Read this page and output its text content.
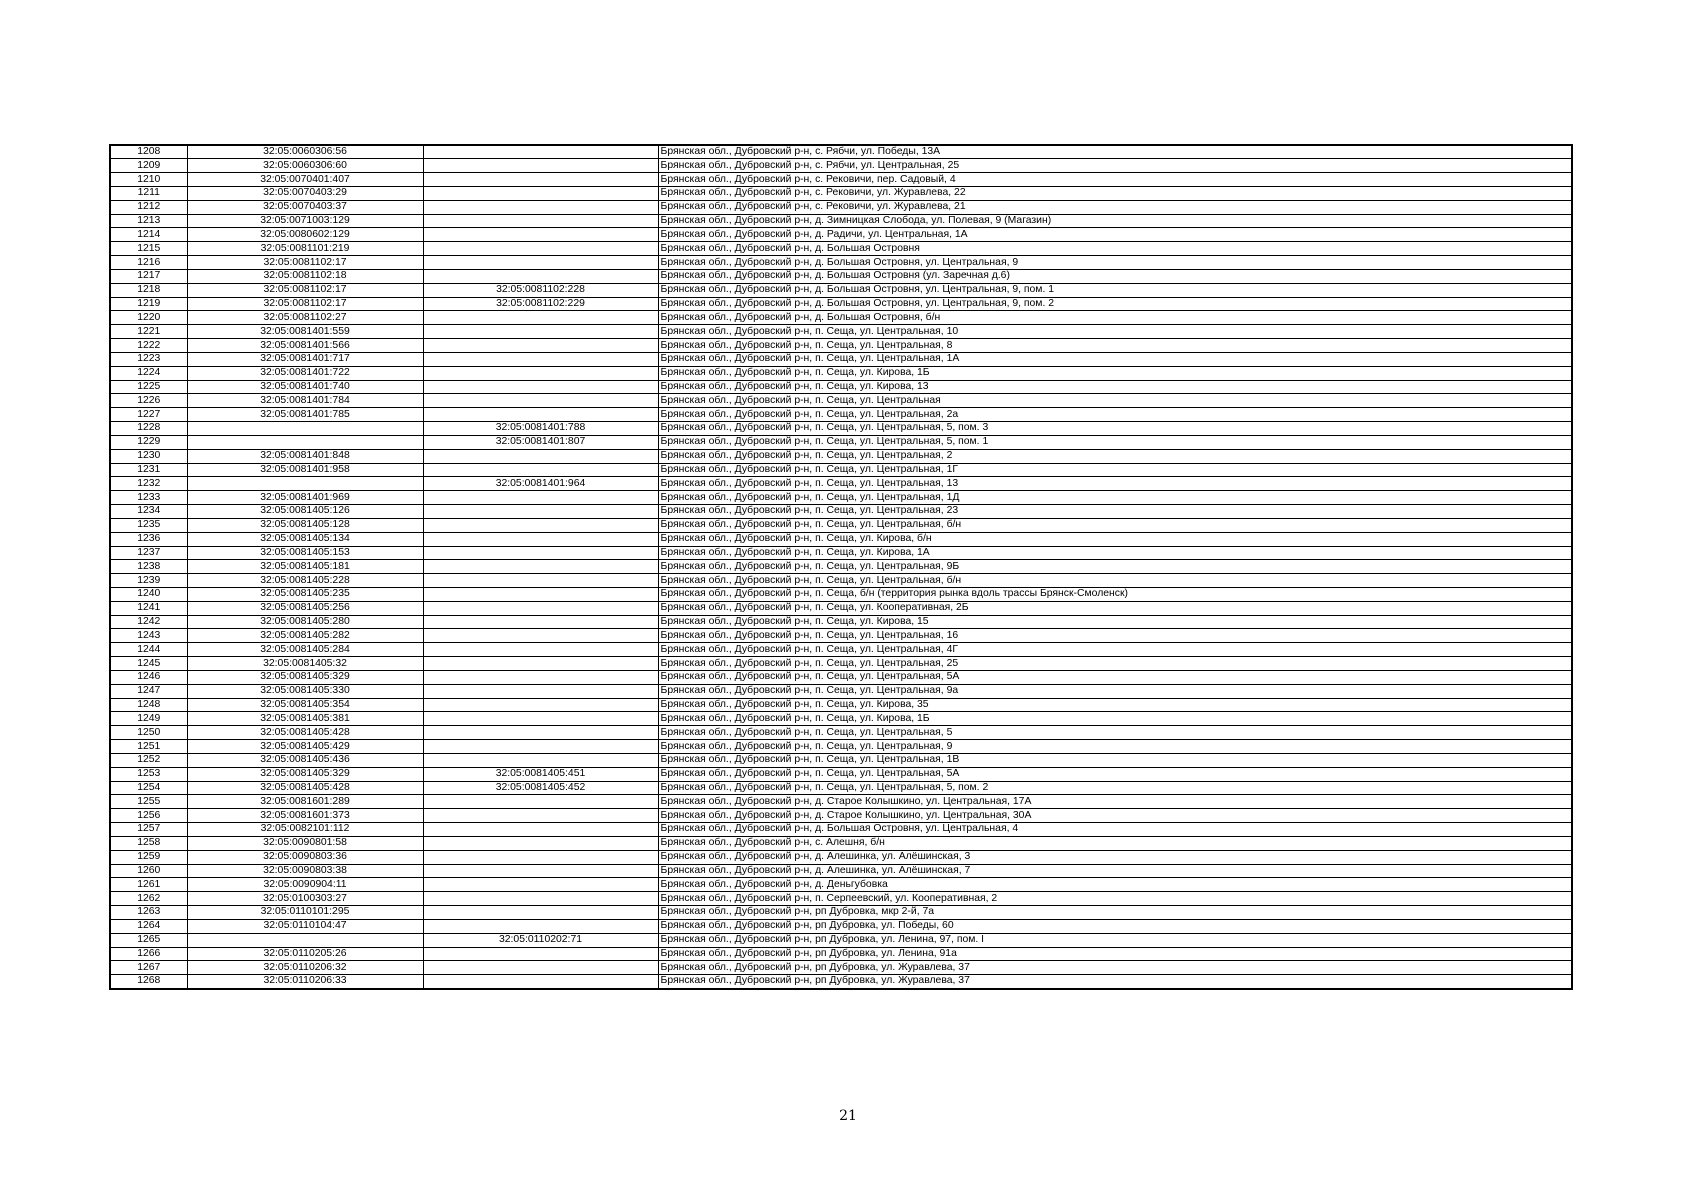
1208	32:05:0060306:56		Брянская обл., Дубровский р-н, с. Рябчи, ул. Победы, 13А
1209	32:05:0060306:60		Брянская обл., Дубровский р-н, с. Рябчи, ул. Центральная, 25
1210	32:05:0070401:407		Брянская обл., Дубровский р-н, с. Рековичи, пер. Садовый, 4
1211	32:05:0070403:29		Брянская обл., Дубровский р-н, с. Рековичи, ул. Журавлева, 22
1212	32:05:0070403:37		Брянская обл., Дубровский р-н, с. Рековичи, ул. Журавлева, 21
1213	32:05:0071003:129		Брянская обл., Дубровский р-н, д. Зимницкая Слобода, ул. Полевая, 9 (Магазин)
1214	32:05:0080602:129		Брянская обл., Дубровский р-н, д. Радичи, ул. Центральная, 1А
1215	32:05:0081101:219		Брянская обл., Дубровский р-н, д. Большая Островня
1216	32:05:0081102:17		Брянская обл., Дубровский р-н, д. Большая Островня, ул. Центральная, 9
1217	32:05:0081102:18		Брянская обл., Дубровский р-н, д. Большая Островня (ул. Заречная д.6)
1218	32:05:0081102:17	32:05:0081102:228	Брянская обл., Дубровский р-н, д. Большая Островня, ул. Центральная, 9, пом. 1
1219	32:05:0081102:17	32:05:0081102:229	Брянская обл., Дубровский р-н, д. Большая Островня, ул. Центральная, 9, пом. 2
1220	32:05:0081102:27		Брянская обл., Дубровский р-н, д. Большая Островня, б/н
1221	32:05:0081401:559		Брянская обл., Дубровский р-н, п. Сеща, ул. Центральная, 10
1222	32:05:0081401:566		Брянская обл., Дубровский р-н, п. Сеща, ул. Центральная, 8
1223	32:05:0081401:717		Брянская обл., Дубровский р-н, п. Сеща, ул. Центральная, 1А
1224	32:05:0081401:722		Брянская обл., Дубровский р-н, п. Сеща, ул. Кирова, 1Б
1225	32:05:0081401:740		Брянская обл., Дубровский р-н, п. Сеща, ул. Кирова, 13
1226	32:05:0081401:784		Брянская обл., Дубровский р-н, п. Сеща, ул. Центральная
1227	32:05:0081401:785		Брянская обл., Дубровский р-н, п. Сеща, ул. Центральная, 2а
1228		32:05:0081401:788	Брянская обл., Дубровский р-н, п. Сеща, ул. Центральная, 5, пом. 3
1229		32:05:0081401:807	Брянская обл., Дубровский р-н, п. Сеща, ул. Центральная, 5, пом. 1
1230	32:05:0081401:848		Брянская обл., Дубровский р-н, п. Сеща, ул. Центральная, 2
1231	32:05:0081401:958		Брянская обл., Дубровский р-н, п. Сеща, ул. Центральная, 1Г
1232		32:05:0081401:964	Брянская обл., Дубровский р-н, п. Сеща, ул. Центральная, 13
1233	32:05:0081401:969		Брянская обл., Дубровский р-н, п. Сеща, ул. Центральная, 1Д
1234	32:05:0081405:126		Брянская обл., Дубровский р-н, п. Сеща, ул. Центральная, 23
1235	32:05:0081405:128		Брянская обл., Дубровский р-н, п. Сеща, ул. Центральная, б/н
1236	32:05:0081405:134		Брянская обл., Дубровский р-н, п. Сеща, ул. Кирова, б/н
1237	32:05:0081405:153		Брянская обл., Дубровский р-н, п. Сеща, ул. Кирова, 1А
1238	32:05:0081405:181		Брянская обл., Дубровский р-н, п. Сеща, ул. Центральная, 9Б
1239	32:05:0081405:228		Брянская обл., Дубровский р-н, п. Сеща, ул. Центральная, б/н
1240	32:05:0081405:235		Брянская обл., Дубровский р-н, п. Сеща, б/н (территория рынка вдоль трассы Брянск-Смоленск)
1241	32:05:0081405:256		Брянская обл., Дубровский р-н, п. Сеща, ул. Кооперативная, 2Б
1242	32:05:0081405:280		Брянская обл., Дубровский р-н, п. Сеща, ул. Кирова, 15
1243	32:05:0081405:282		Брянская обл., Дубровский р-н, п. Сеща, ул. Центральная, 16
1244	32:05:0081405:284		Брянская обл., Дубровский р-н, п. Сеща, ул. Центральная, 4Г
1245	32:05:0081405:32		Брянская обл., Дубровский р-н, п. Сеща, ул. Центральная, 25
1246	32:05:0081405:329		Брянская обл., Дубровский р-н, п. Сеща, ул. Центральная, 5А
1247	32:05:0081405:330		Брянская обл., Дубровский р-н, п. Сеща, ул. Центральная, 9а
1248	32:05:0081405:354		Брянская обл., Дубровский р-н, п. Сеща, ул. Кирова, 35
1249	32:05:0081405:381		Брянская обл., Дубровский р-н, п. Сеща, ул. Кирова, 1Б
1250	32:05:0081405:428		Брянская обл., Дубровский р-н, п. Сеща, ул. Центральная, 5
1251	32:05:0081405:429		Брянская обл., Дубровский р-н, п. Сеща, ул. Центральная, 9
1252	32:05:0081405:436		Брянская обл., Дубровский р-н, п. Сеща, ул. Центральная, 1В
1253	32:05:0081405:329	32:05:0081405:451	Брянская обл., Дубровский р-н, п. Сеща, ул. Центральная, 5А
1254	32:05:0081405:428	32:05:0081405:452	Брянская обл., Дубровский р-н, п. Сеща, ул. Центральная, 5, пом. 2
1255	32:05:0081601:289		Брянская обл., Дубровский р-н, д. Старое Колышкино, ул. Центральная, 17А
1256	32:05:0081601:373		Брянская обл., Дубровский р-н, д. Старое Колышкино, ул. Центральная, 30А
1257	32:05:0082101:112		Брянская обл., Дубровский р-н, д. Большая Островня, ул. Центральная, 4
1258	32:05:0090801:58		Брянская обл., Дубровский р-н, с. Алешня, б/н
1259	32:05:0090803:36		Брянская обл., Дубровский р-н, д. Алешинка, ул. Алёшинская, 3
1260	32:05:0090803:38		Брянская обл., Дубровский р-н, д. Алешинка, ул. Алёшинская, 7
1261	32:05:0090904:11		Брянская обл., Дубровский р-н, д. Деньгубовка
1262	32:05:0100303:27		Брянская обл., Дубровский р-н, п. Серпеевский, ул. Кооперативная, 2
1263	32:05:0110101:295		Брянская обл., Дубровский р-н, рп Дубровка, мкр 2-й, 7а
1264	32:05:0110104:47		Брянская обл., Дубровский р-н, рп Дубровка, ул. Победы, 60
1265		32:05:0110202:71	Брянская обл., Дубровский р-н, рп Дубровка, ул. Ленина, 97, пом. I
1266	32:05:0110205:26		Брянская обл., Дубровский р-н, рп Дубровка, ул. Ленина, 91а
1267	32:05:0110206:32		Брянская обл., Дубровский р-н, рп Дубровка, ул. Журавлева, 37
1268	32:05:0110206:33		Брянская обл., Дубровский р-н, рп Дубровка, ул. Журавлева, 37
21
